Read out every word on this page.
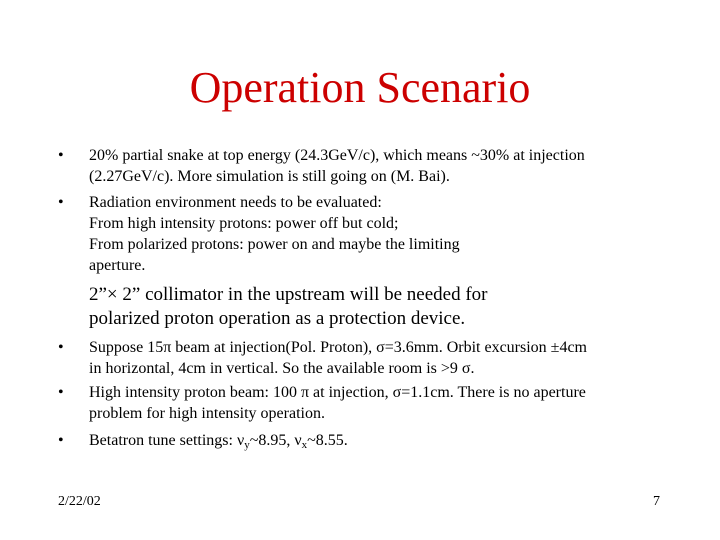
Operation Scenario
•	20% partial snake at top energy (24.3GeV/c), which means ~30% at injection
(2.27GeV/c). More simulation is still going on (M. Bai).
•	Radiation environment needs to be evaluated:
From high intensity protons: power off but cold;
From polarized protons: power on and maybe the limiting
aperture.
2”× 2” collimator in the upstream will be needed for
polarized proton operation as a protection device.
•	Suppose 15π beam at injection(Pol. Proton), σ=3.6mm. Orbit excursion ±4cm
in horizontal, 4cm in vertical. So the available room is >9 σ.
•	High intensity proton beam: 100 π at injection, σ=1.1cm. There is no aperture
problem for high intensity operation.
•	Betatron tune settings: $\nu_y\sim 8.95$, $\nu_x\sim 8.55$.
2/22/02	7
